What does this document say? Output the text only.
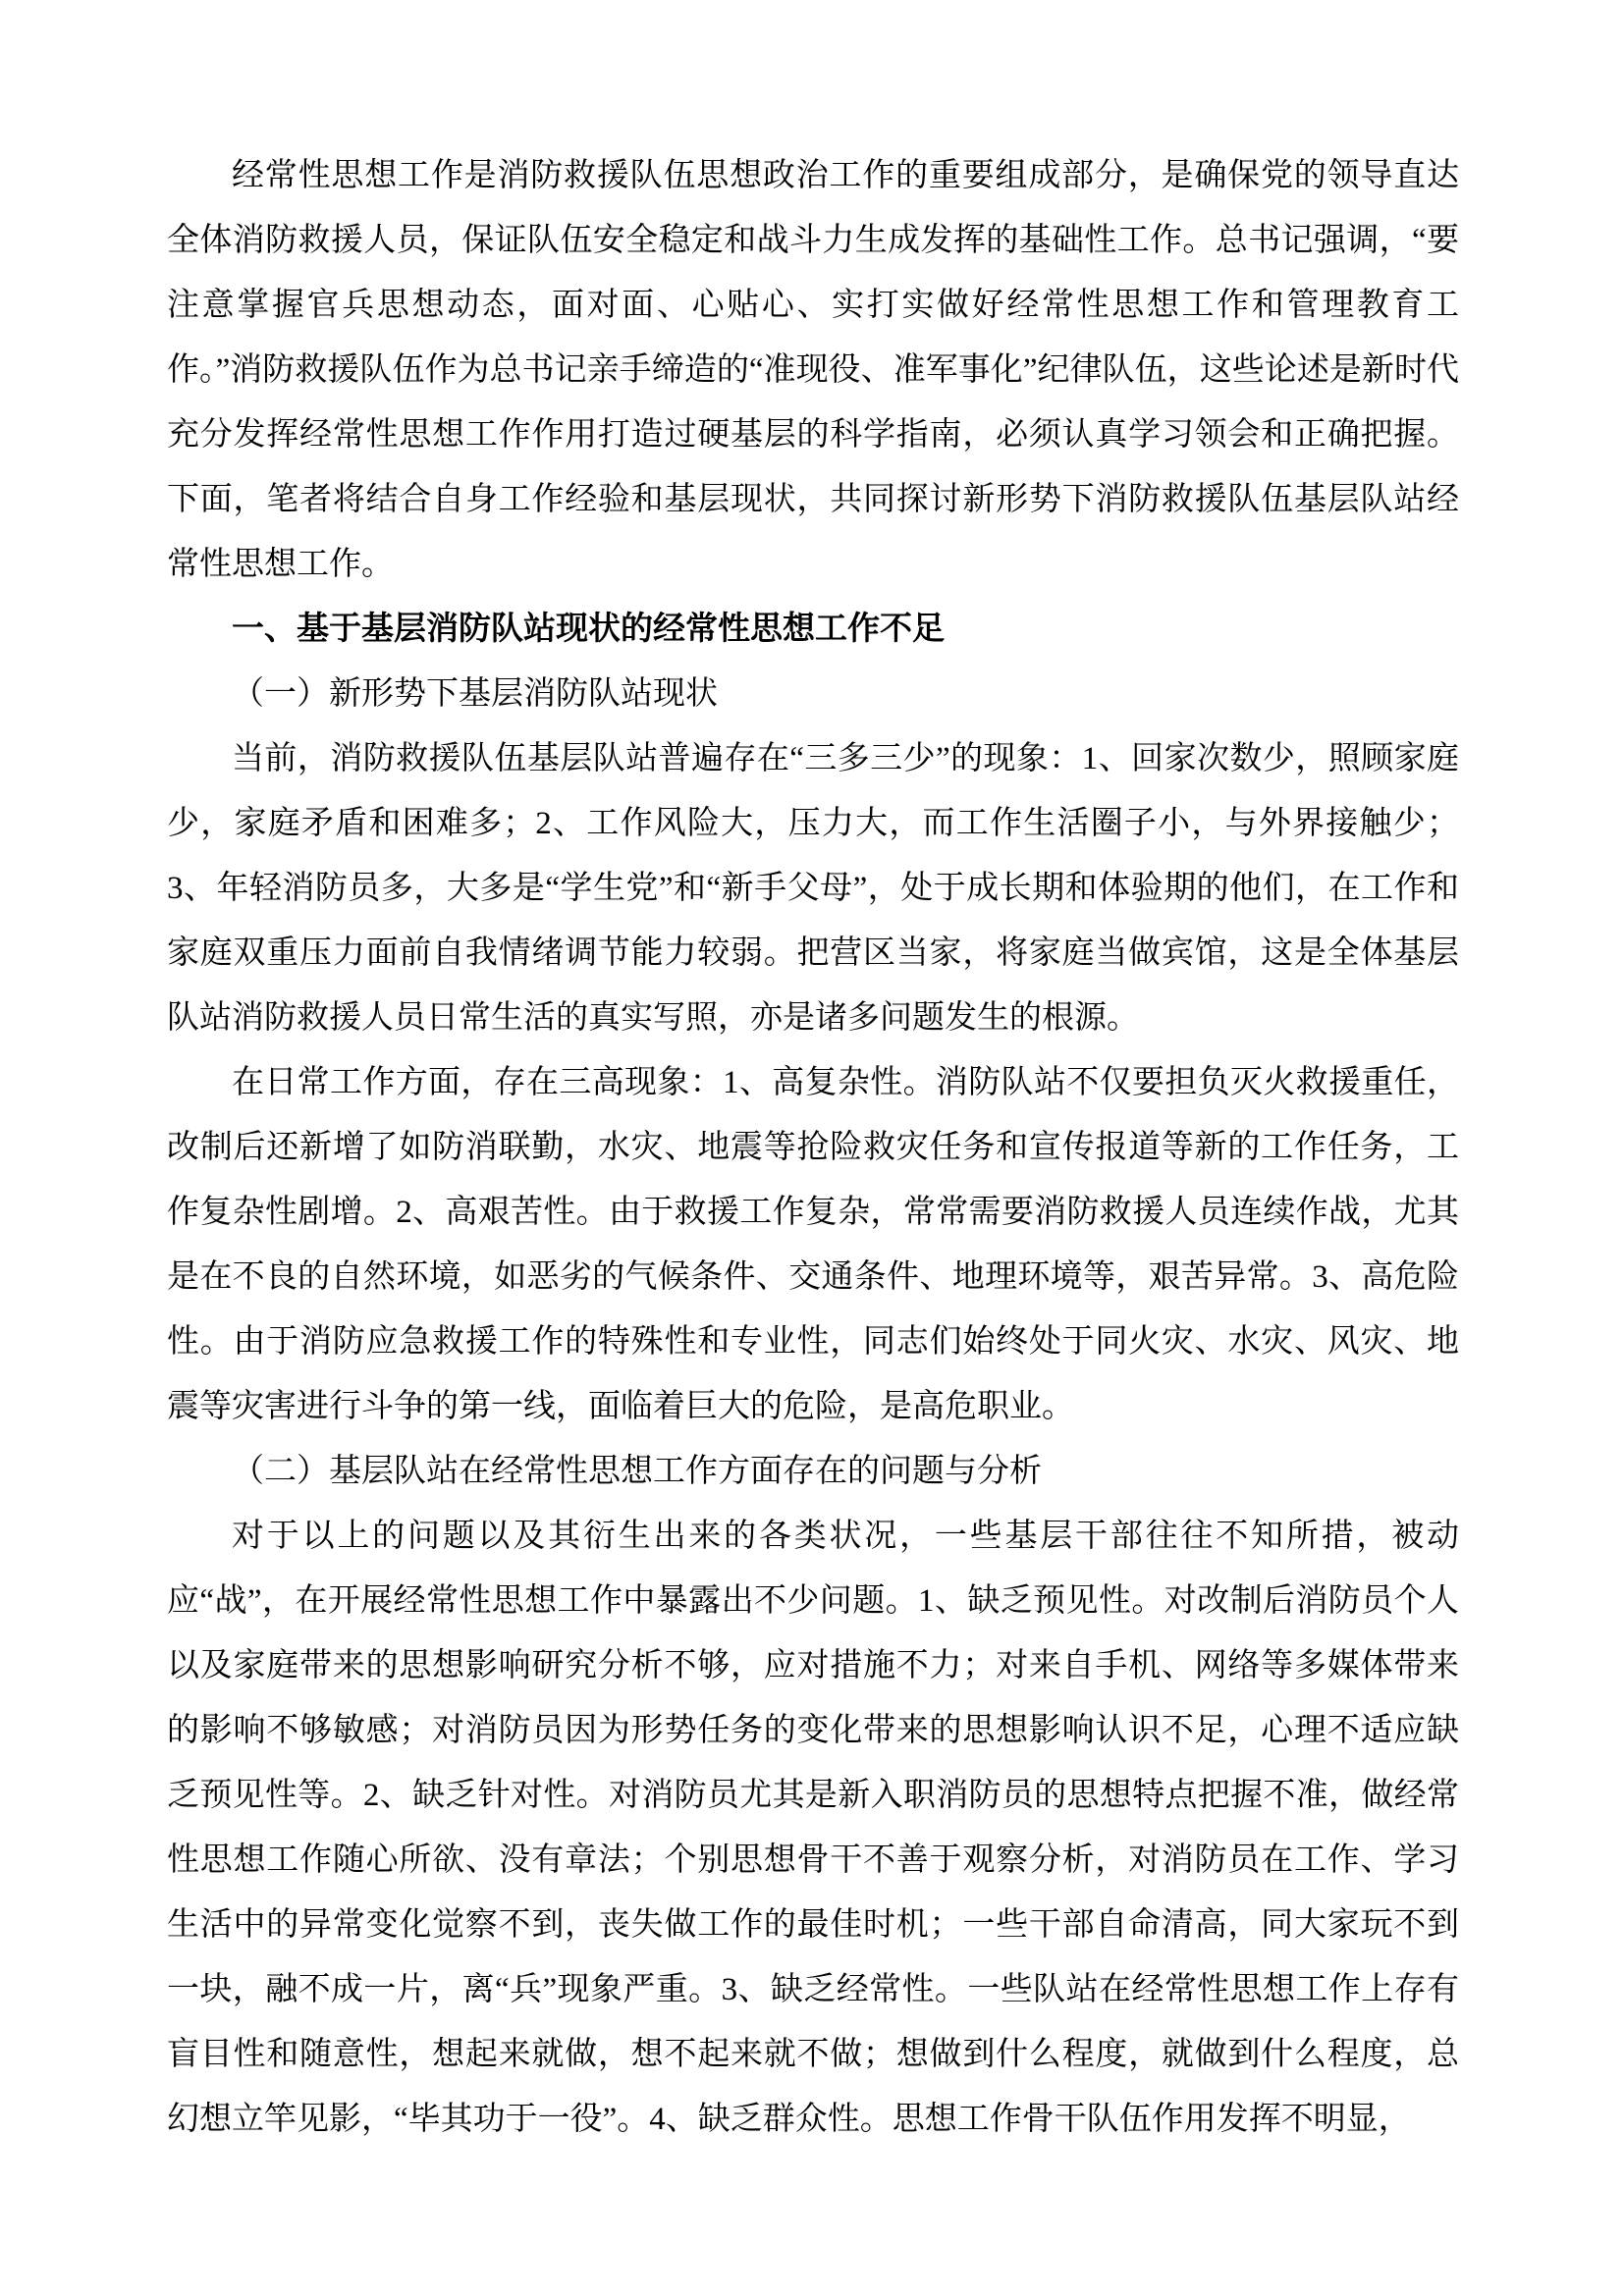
经常性思想工作是消防救援队伍思想政治工作的重要组成部分，是确保党的领导直达全体消防救援人员，保证队伍安全稳定和战斗力生成发挥的基础性工作。总书记强调，“要注意掌握官兵思想动态，面对面、心贴心、实打实做好经常性思想工作和管理教育工作。”消防救援队伍作为总书记亲手缔造的“准现役、准军事化”纪律队伍，这些论述是新时代充分发挥经常性思想工作作用打造过硬基层的科学指南，必须认真学习领会和正确把握。下面，笔者将结合自身工作经验和基层现状，共同探讨新形势下消防救援队伍基层队站经常性思想工作。

一、基于基层消防队站现状的经常性思想工作不足

（一）新形势下基层消防队站现状

当前，消防救援队伍基层队站普遍存在“三多三少”的现象：1、回家次数少，照顾家庭少，家庭矛盾和困难多；2、工作风险大，压力大，而工作生活圈子小，与外界接触少；3、年轻消防员多，大多是“学生党”和“新手父母”，处于成长期和体验期的他们，在工作和家庭双重压力面前自我情绪调节能力较弱。把营区当家，将家庭当做宾馆，这是全体基层队站消防救援人员日常生活的真实写照，亦是诸多问题发生的根源。

在日常工作方面，存在三高现象：1、高复杂性。消防队站不仅要担负灭火救援重任，改制后还新增了如防消联勤，水灾、地震等抢险救灾任务和宣传报道等新的工作任务，工作复杂性剧增。2、高艰苦性。由于救援工作复杂，常常需要消防救援人员连续作战，尤其是在不良的自然环境，如恶劣的气候条件、交通条件、地理环境等，艰苦异常。3、高危险性。由于消防应急救援工作的特殊性和专业性，同志们始终处于同火灾、水灾、风灾、地震等灾害进行斗争的第一线，面临着巨大的危险，是高危职业。

（二）基层队站在经常性思想工作方面存在的问题与分析

对于以上的问题以及其衍生出来的各类状况，一些基层干部往往不知所措，被动应“战”，在开展经常性思想工作中暴露出不少问题。1、缺乏预见性。对改制后消防员个人以及家庭带来的思想影响研究分析不够，应对措施不力；对来自手机、网络等多媒体带来的影响不够敏感；对消防员因为形势任务的变化带来的思想影响认识不足，心理不适应缺乏预见性等。2、缺乏针对性。对消防员尤其是新入职消防员的思想特点把握不准，做经常性思想工作随心所欲、没有章法；个别思想骨干不善于观察分析，对消防员在工作、学习生活中的异常变化觉察不到，丧失做工作的最佳时机；一些干部自命清高，同大家玩不到一块，融不成一片，离“兵”现象严重。3、缺乏经常性。一些队站在经常性思想工作上存有盲目性和随意性，想起来就做，想不起来就不做；想做到什么程度，就做到什么程度，总幻想立竿见影，“毕其功于一役”。4、缺乏群众性。思想工作骨干队伍作用发挥不明显，
